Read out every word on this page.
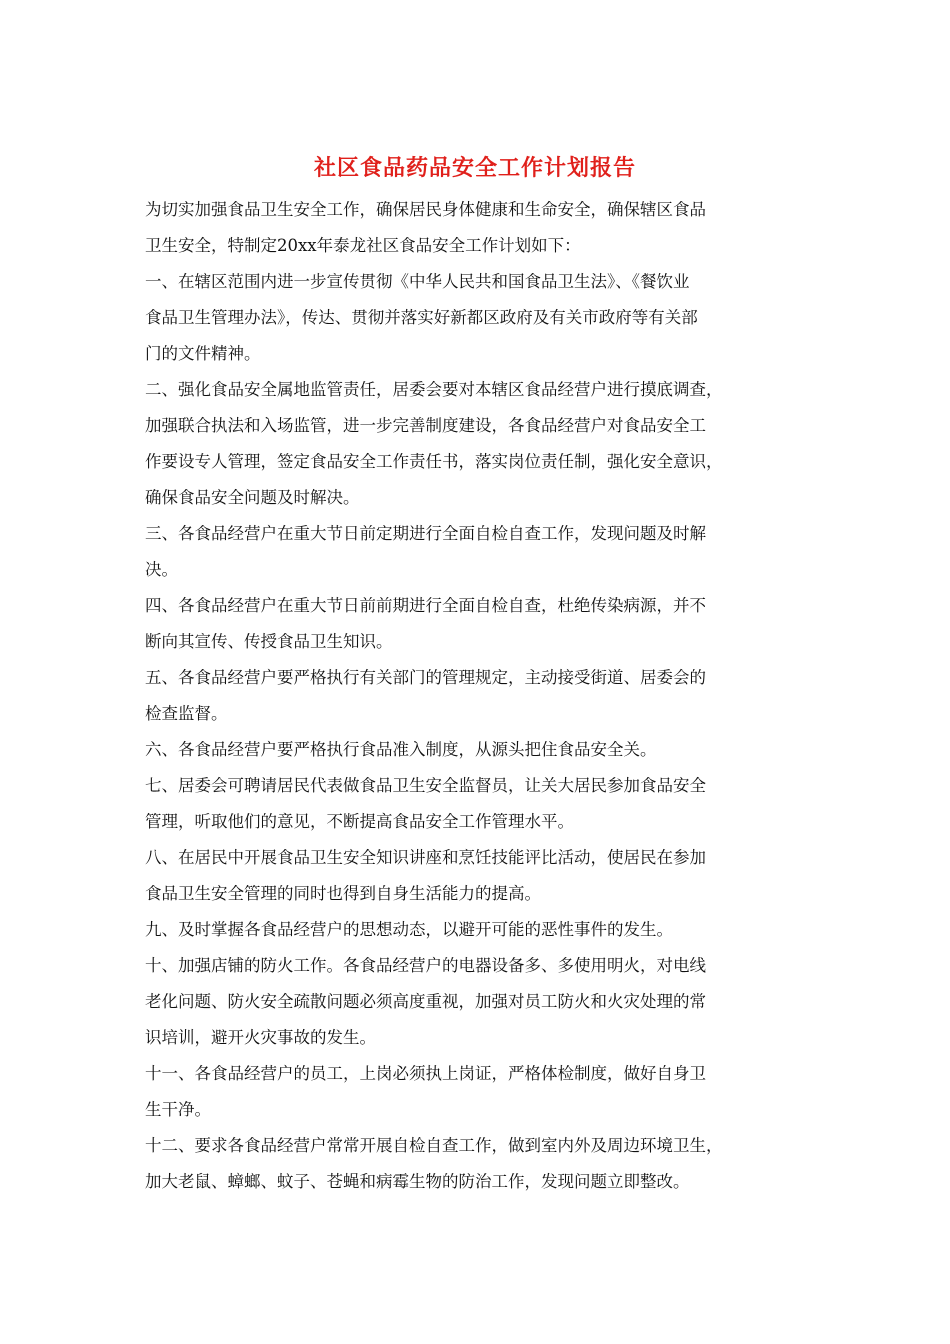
社区食品药品安全工作计划报告
为切实加强食品卫生安全工作，确保居民身体健康和生命安全，确保辖区食品
卫生安全，特制定20xx年泰龙社区食品安全工作计划如下：
一、在辖区范围内进一步宣传贯彻《中华人民共和国食品卫生法》、《餐饮业
食品卫生管理办法》，传达、贯彻并落实好新都区政府及有关市政府等有关部
门的文件精神。
二、强化食品安全属地监管责任，居委会要对本辖区食品经营户进行摸底调查，
加强联合执法和入场监管，进一步完善制度建设，各食品经营户对食品安全工
作要设专人管理，签定食品安全工作责任书，落实岗位责任制，强化安全意识，
确保食品安全问题及时解决。
三、各食品经营户在重大节日前定期进行全面自检自查工作，发现问题及时解
决。
四、各食品经营户在重大节日前前期进行全面自检自查，杜绝传染病源，并不
断向其宣传、传授食品卫生知识。
五、各食品经营户要严格执行有关部门的管理规定，主动接受街道、居委会的
检查监督。
六、各食品经营户要严格执行食品准入制度，从源头把住食品安全关。
七、居委会可聘请居民代表做食品卫生安全监督员，让关大居民参加食品安全
管理，听取他们的意见，不断提高食品安全工作管理水平。
八、在居民中开展食品卫生安全知识讲座和烹饪技能评比活动，使居民在参加
食品卫生安全管理的同时也得到自身生活能力的提高。
九、及时掌握各食品经营户的思想动态，以避开可能的恶性事件的发生。
十、加强店铺的防火工作。各食品经营户的电器设备多、多使用明火，对电线
老化问题、防火安全疏散问题必须高度重视，加强对员工防火和火灾处理的常
识培训，避开火灾事故的发生。
十一、各食品经营户的员工，上岗必须执上岗证，严格体检制度，做好自身卫
生干净。
十二、要求各食品经营户常常开展自检自查工作，做到室内外及周边环境卫生，
加大老鼠、蟑螂、蚊子、苍蝇和病霉生物的防治工作，发现问题立即整改。
